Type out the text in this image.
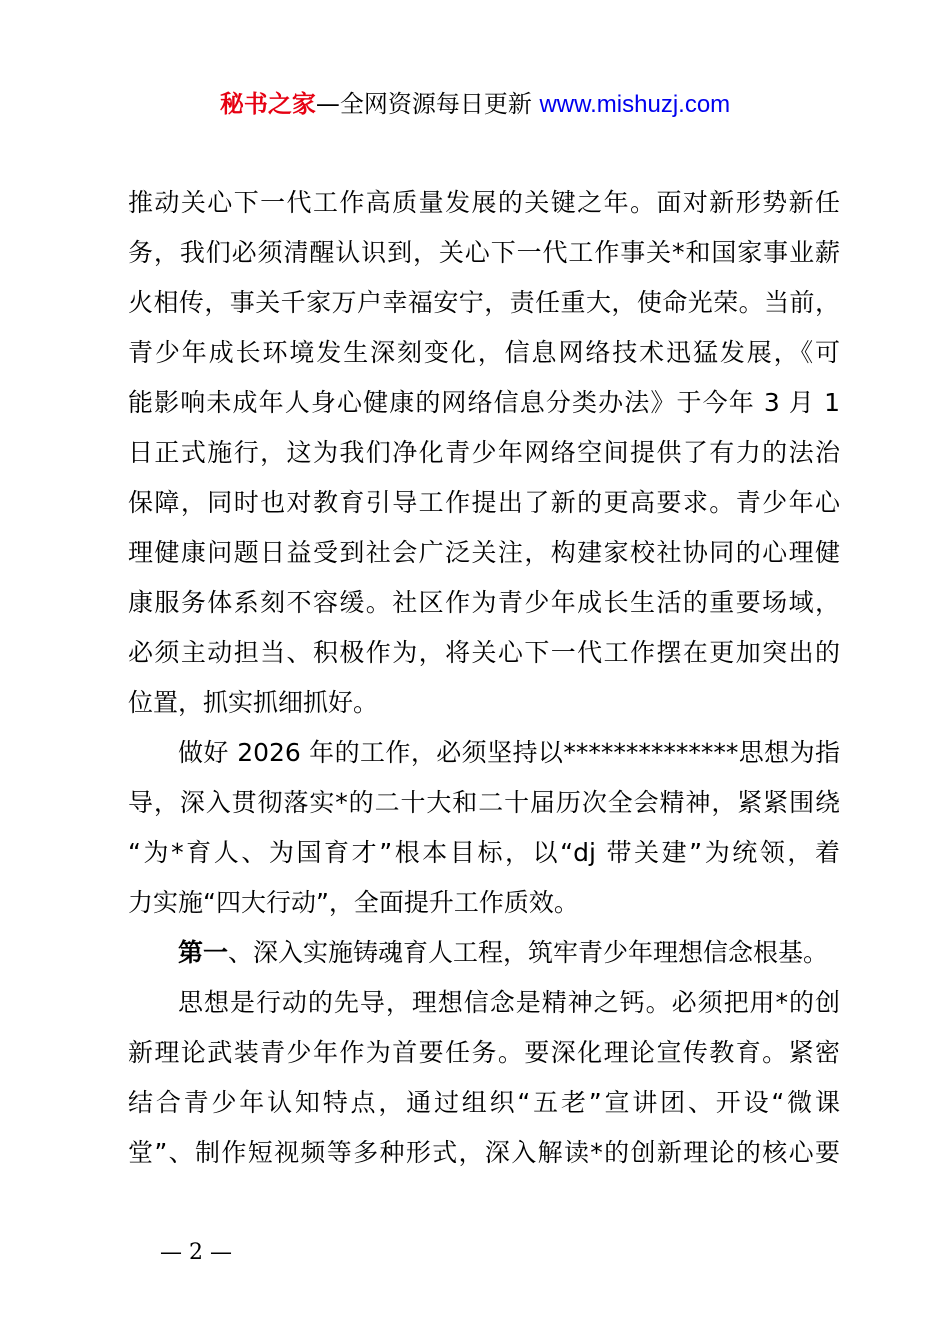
秘书之家—全网资源每日更新 www.mishuzj.com
推动关心下一代工作高质量发展的关键之年。面对新形势新任
务，我们必须清醒认识到，关心下一代工作事关*和国家事业薪
火相传，事关千家万户幸福安宁，责任重大，使命光荣。当前，
青少年成长环境发生深刻变化，信息网络技术迅猛发展，《可
能影响未成年人身心健康的网络信息分类办法》于今年 3 月 1
日正式施行，这为我们净化青少年网络空间提供了有力的法治
保障，同时也对教育引导工作提出了新的更高要求。青少年心
理健康问题日益受到社会广泛关注，构建家校社协同的心理健
康服务体系刻不容缓。社区作为青少年成长生活的重要场域，
必须主动担当、积极作为，将关心下一代工作摆在更加突出的
位置，抓实抓细抓好。
做好 2026 年的工作，必须坚持以**************思想为指
导，深入贯彻落实*的二十大和二十届历次全会精神，紧紧围绕
“为*育人、为国育才”根本目标，以“dj 带关建”为统领，着
力实施“四大行动”，全面提升工作质效。
第一、深入实施铸魂育人工程，筑牢青少年理想信念根基。
思想是行动的先导，理想信念是精神之钙。必须把用*的创
新理论武装青少年作为首要任务。要深化理论宣传教育。紧密
结合青少年认知特点，通过组织“五老”宣讲团、开设“微课
堂”、制作短视频等多种形式，深入解读*的创新理论的核心要
— 2 —
